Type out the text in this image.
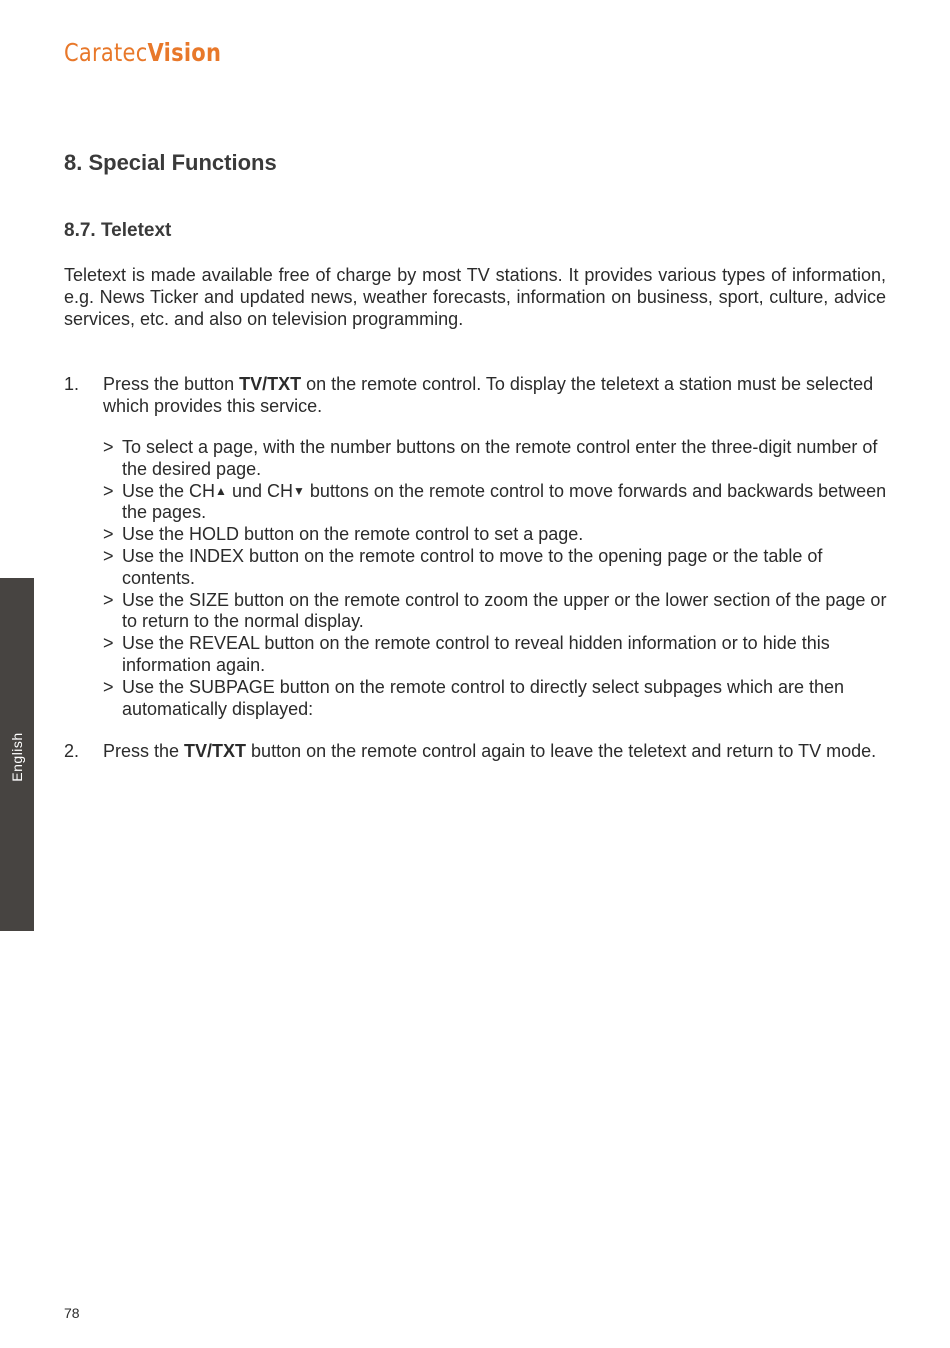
CaratecVision
8. Special Functions
8.7. Teletext

Teletext is made available free of charge by most TV stations. It provides various types of information, e.g. News Ticker and updated news, weather forecasts, information on business, sport, culture, advice services, etc. and also on television programming.

1. Press the button TV/TXT on the remote control. To display the teletext a station must be selected which provides this service.
> To select a page, with the number buttons on the remote control enter the three-digit number of the desired page.
> Use the CH▲ und CH▼ buttons on the remote control to move forwards and backwards between the pages.
> Use the HOLD button on the remote control to set a page.
> Use the INDEX button on the remote control to move to the opening page or the table of contents.
> Use the SIZE button on the remote control to zoom the upper or the lower section of the page or to return to the normal display.
> Use the REVEAL button on the remote control to reveal hidden information or to hide this information again.
> Use the SUBPAGE button on the remote control to directly select subpages which are then automatically displayed:
2. Press the TV/TXT button on the remote control again to leave the teletext and return to TV mode.
English
78
